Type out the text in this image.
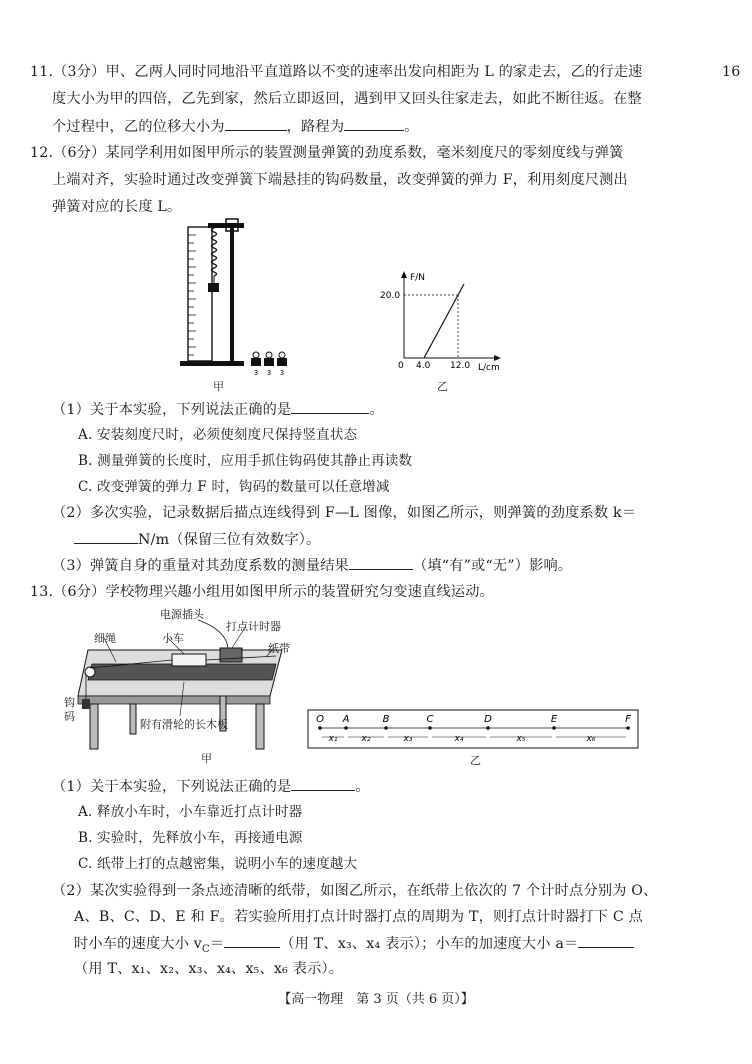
16
11.（3分）甲、乙两人同时同地沿平直道路以不变的速率出发向相距为 L 的家走去，乙的行走速
度大小为甲的四倍，乙先到家，然后立即返回，遇到甲又回头往家走去，如此不断往返。在整
个过程中，乙的位移大小为	，路程为	。
12.（6分）某同学利用如图甲所示的装置测量弹簧的劲度系数，毫米刻度尺的零刻度线与弹簧
上端对齐，实验时通过改变弹簧下端悬挂的钩码数量，改变弹簧的弹力 F，利用刻度尺测出
弹簧对应的长度 L。
3 3 3
甲
F/N
20.0
0 4.0 12.0 L/cm
乙
（1）关于本实验，下列说法正确的是	。
A. 安装刻度尺时，必须使刻度尺保持竖直状态
B. 测量弹簧的长度时，应用手抓住钩码使其静止再读数
C. 改变弹簧的弹力 F 时，钩码的数量可以任意增减
（2）多次实验，记录数据后描点连线得到 F—L 图像，如图乙所示，则弹簧的劲度系数 k＝
N/m（保留三位有效数字）。
（3）弹簧自身的重量对其劲度系数的测量结果	（填“有”或“无”）影响。
13.（6分）学校物理兴趣小组用如图甲所示的装置研究匀变速直线运动。
电源插头
打点计时器
细绳	小车
纸带
钩
码
附有滑轮的长木板
甲
O A	B	C	D	E	F
x₁	x₂	x₃	x₄	x₅	x₆
乙
（1）关于本实验，下列说法正确的是	。
A. 释放小车时，小车靠近打点计时器
B. 实验时，先释放小车，再接通电源
C. 纸带上打的点越密集，说明小车的速度越大
（2）某次实验得到一条点迹清晰的纸带，如图乙所示，在纸带上依次的 7 个计时点分别为 O、
A、B、C、D、E 和 F。若实验所用打点计时器打点的周期为 T，则打点计时器打下 C 点
时小车的速度大小 $v_C=$	（用 T、x₃、x₄ 表示）；小车的加速度大小 a＝
（用 T、x₁、x₂、x₃、x₄、x₅、x₆ 表示）。
【高一物理　第 3 页（共 6 页）】
